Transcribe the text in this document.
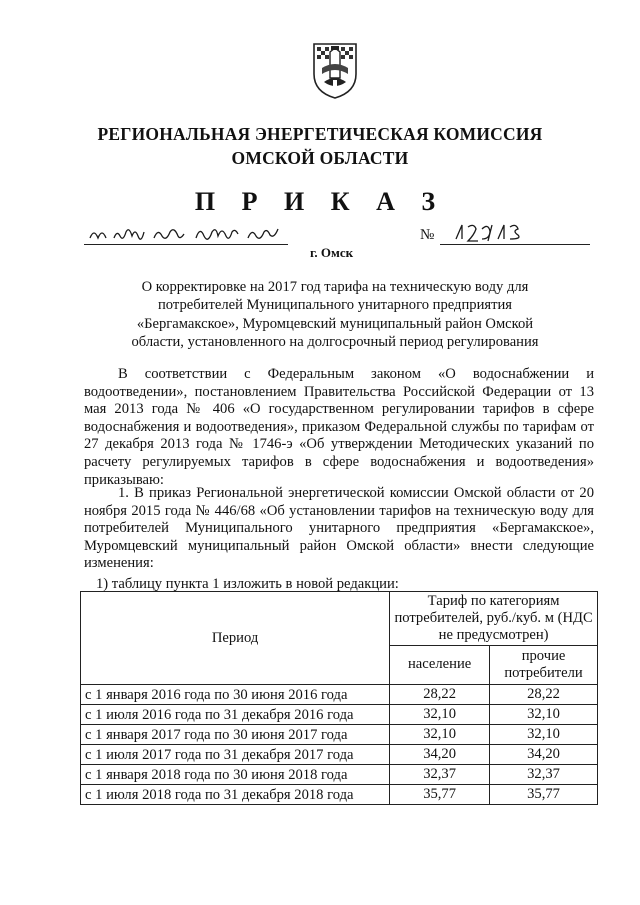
РЕГИОНАЛЬНАЯ ЭНЕРГЕТИЧЕСКАЯ КОМИССИЯ
ОМСКОЙ ОБЛАСТИ
П Р И К А З
№
г. Омск
О корректировке на 2017 год тарифа на техническую воду для
потребителей Муниципального унитарного предприятия
«Бергамакское», Муромцевский муниципальный район Омской
области, установленного на долгосрочный период регулирования
В соответствии с Федеральным законом «О водоснабжении и водоотведении», постановлением Правительства Российской Федерации от 13 мая 2013 года № 406 «О государственном регулировании тарифов в сфере водоснабжения и водоотведения», приказом Федеральной службы по тарифам от 27 декабря 2013 года № 1746-э «Об утверждении Методических указаний по расчету регулируемых тарифов в сфере водоснабжения и водоотведения» приказываю:
1. В приказ Региональной энергетической комиссии Омской области от 20 ноября 2015 года № 446/68 «Об установлении тарифов на техническую воду для потребителей Муниципального унитарного предприятия «Бергамакское», Муромцевский муниципальный район Омской области» внести следующие изменения:
1) таблицу пункта 1 изложить в новой редакции:
Период	Тариф по категориям потребителей, руб./куб. м (НДС не предусмотрен)	
	население	прочие потребители
с 1 января 2016 года по 30 июня 2016 года	28,22	28,22
с 1 июля 2016 года по 31 декабря 2016 года	32,10	32,10
с 1 января 2017 года по 30 июня 2017 года	32,10	32,10
с 1 июля 2017 года по 31 декабря 2017 года	34,20	34,20
с 1 января 2018 года по 30 июня 2018 года	32,37	32,37
с 1 июля 2018 года по 31 декабря 2018 года	35,77	35,77
